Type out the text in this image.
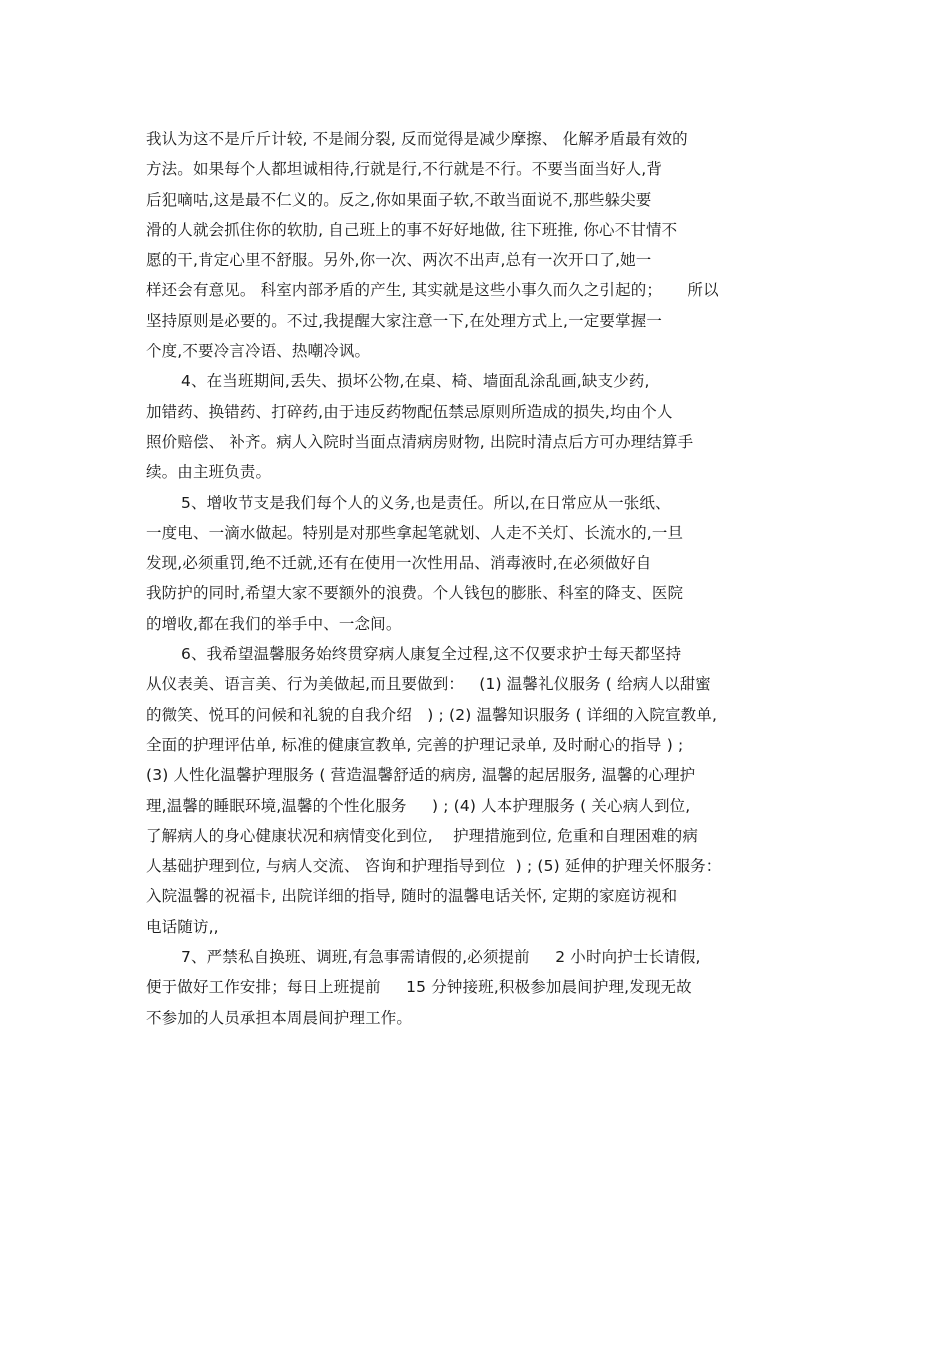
我认为这不是斤斤计较, 不是闹分裂, 反而觉得是减少摩擦、 化解矛盾最有效的
方法。如果每个人都坦诚相待,行就是行,不行就是不行。不要当面当好人,背
后犯嘀咕,这是最不仁义的。反之,你如果面子软,不敢当面说不,那些躲尖要
滑的人就会抓住你的软肋, 自己班上的事不好好地做, 往下班推, 你心不甘情不
愿的干,肯定心里不舒服。另外,你一次、两次不出声,总有一次开口了,她一
样还会有意见。 科室内部矛盾的产生, 其实就是这些小事久而久之引起的；     所以
坚持原则是必要的。不过,我提醒大家注意一下,在处理方式上,一定要掌握一
个度,不要冷言冷语、热嘲冷讽。
4、在当班期间,丢失、损坏公物,在桌、椅、墙面乱涂乱画,缺支少药,
加错药、换错药、打碎药,由于违反药物配伍禁忌原则所造成的损失,均由个人
照价赔偿、 补齐。病人入院时当面点清病房财物, 出院时清点后方可办理结算手
续。由主班负责。
5、增收节支是我们每个人的义务,也是责任。所以,在日常应从一张纸、
一度电、一滴水做起。特别是对那些拿起笔就划、人走不关灯、长流水的,一旦
发现,必须重罚,绝不迁就,还有在使用一次性用品、消毒液时,在必须做好自
我防护的同时,希望大家不要额外的浪费。个人钱包的膨胀、科室的降支、医院
的增收,都在我们的举手中、一念间。
6、我希望温馨服务始终贯穿病人康复全过程,这不仅要求护士每天都坚持
从仪表美、语言美、行为美做起,而且要做到：   (1) 温馨礼仪服务 ( 给病人以甜蜜
的微笑、悦耳的问候和礼貌的自我介绍   ) ; (2) 温馨知识服务 ( 详细的入院宣教单,
全面的护理评估单, 标准的健康宣教单, 完善的护理记录单, 及时耐心的指导 ) ;
(3) 人性化温馨护理服务 ( 营造温馨舒适的病房, 温馨的起居服务, 温馨的心理护
理,温馨的睡眠环境,温馨的个性化服务     ) ; (4) 人本护理服务 ( 关心病人到位,
了解病人的身心健康状况和病情变化到位,    护理措施到位, 危重和自理困难的病
人基础护理到位, 与病人交流、 咨询和护理指导到位  ) ; (5) 延伸的护理关怀服务：
入院温馨的祝福卡, 出院详细的指导, 随时的温馨电话关怀, 定期的家庭访视和
电话随访,,
7、严禁私自换班、调班,有急事需请假的,必须提前     2 小时向护士长请假,
便于做好工作安排；每日上班提前     15 分钟接班,积极参加晨间护理,发现无故
不参加的人员承担本周晨间护理工作。
